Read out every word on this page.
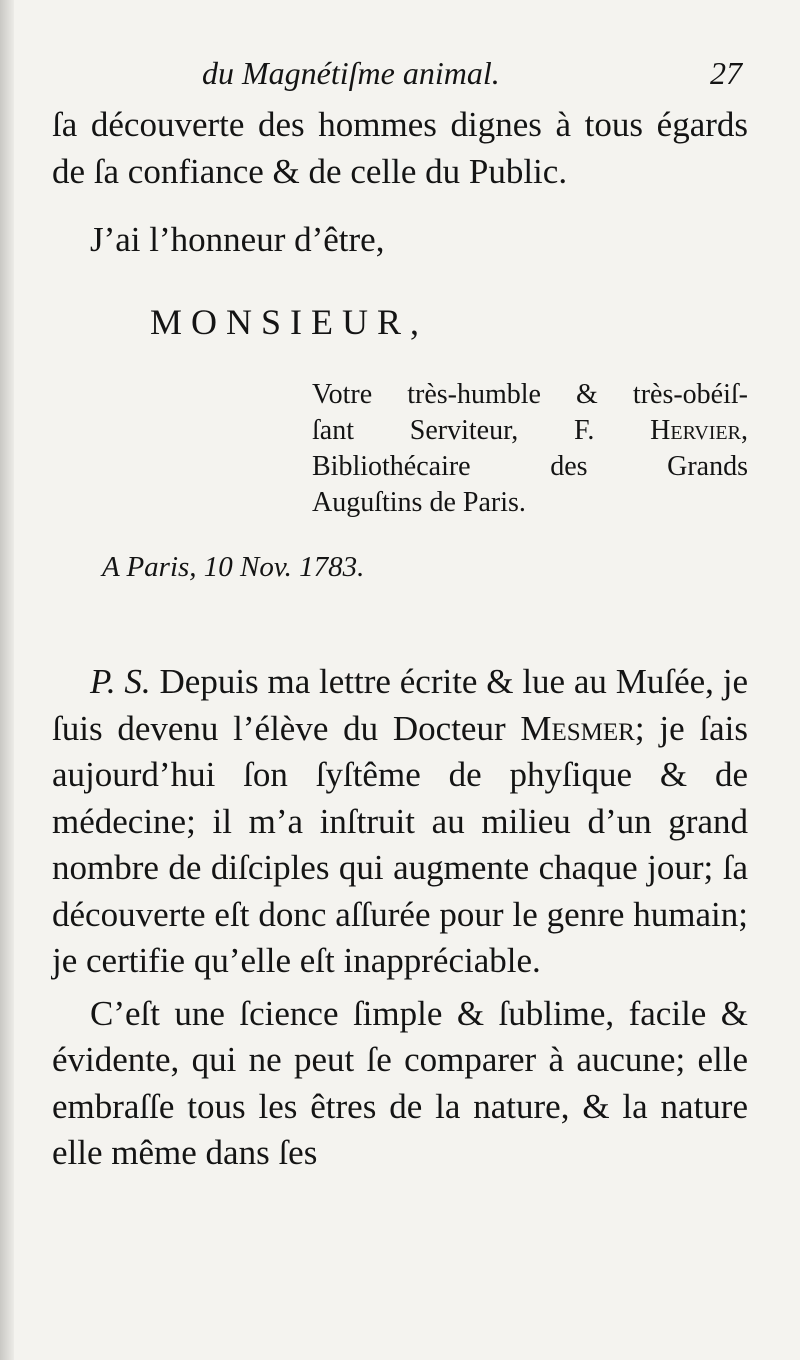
du Magnétiſme animal.	27

ſa découverte des hommes dignes à tous égards de ſa confiance & de celle du Public.

J’ai l’honneur d’être,

MONSIEUR,

Votre très-humble & très-obéiſ-
ſant Serviteur, F. Hervier,
Bibliothécaire des Grands
Auguſtins de Paris.

A Paris, 10 Nov. 1783.

P. S. Depuis ma lettre écrite & lue au Muſée, je ſuis devenu l’élève du Docteur Mesmer; je ſais aujourd’hui ſon ſyſtême de phyſique & de médecine; il m’a inſtruit au milieu d’un grand nombre de diſciples qui augmente chaque jour; ſa découverte eſt donc aſſurée pour le genre humain; je certifie qu’elle eſt inappréciable.

C’eſt une ſcience ſimple & ſublime, facile & évidente, qui ne peut ſe comparer à aucune; elle embraſſe tous les êtres de la nature, & la nature elle même dans ſes
